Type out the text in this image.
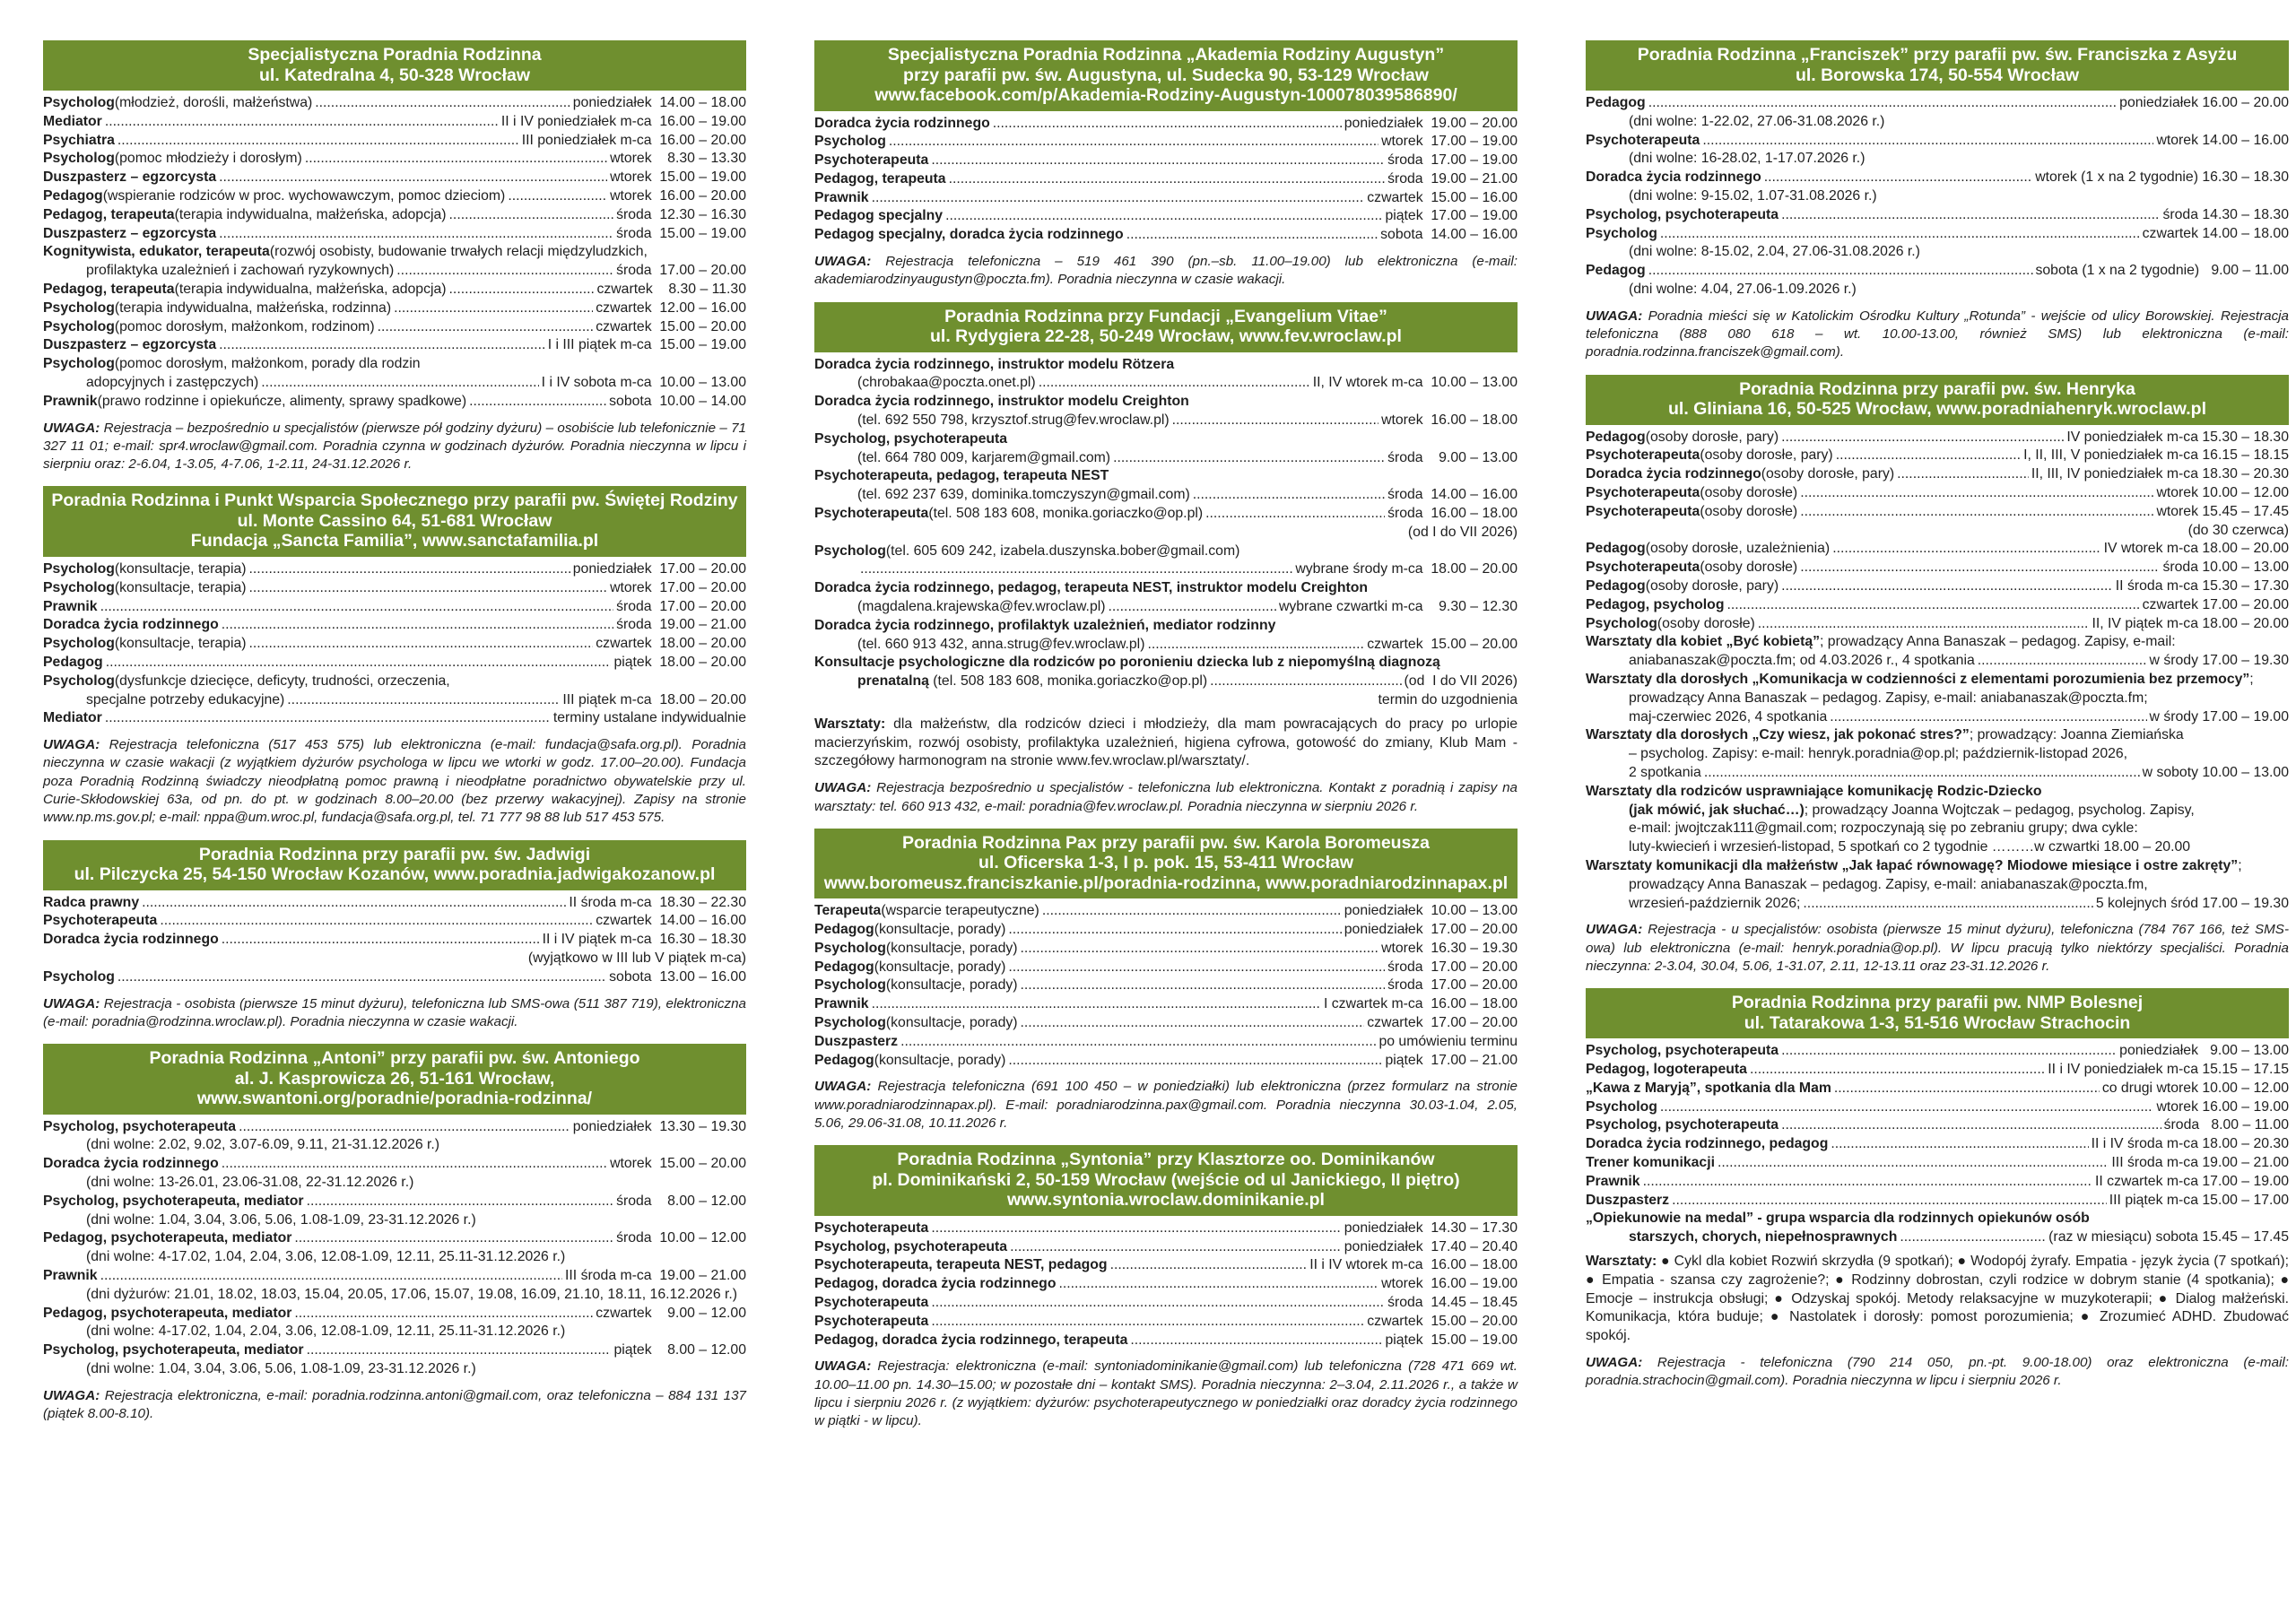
Specjalistyczna Poradnia Rodzinna
ul. Katedralna 4, 50-328 Wrocław
Psycholog (młodzież, dorośli, małżeństwa) .....	poniedziałek  14.00 – 18.00
Mediator .....	II i IV poniedziałek m-ca  16.00 – 19.00
Psychiatra .....	III poniedziałek m-ca  16.00 – 20.00
Psycholog (pomoc młodzieży i dorosłym) .....	wtorek    8.30 – 13.30
Duszpasterz – egzorcysta .....	wtorek  15.00 – 19.00
Pedagog (wspieranie rodziców w proc. wychowawczym, pomoc dzieciom) .....	wtorek  16.00 – 20.00
Pedagog, terapeuta (terapia indywidualna, małżeńska, adopcja) .....	środa  12.30 – 16.30
Duszpasterz – egzorcysta .....	środa  15.00 – 19.00
Kognitywista, edukator, terapeuta (rozwój osobisty, budowanie trwałych relacji międzyludzkich,
profilaktyka uzależnień i zachowań ryzykownych) .....	środa  17.00 – 20.00
Pedagog, terapeuta (terapia indywidualna, małżeńska, adopcja) .....	czwartek    8.30 – 11.30
Psycholog (terapia indywidualna, małżeńska, rodzinna) .....	czwartek  12.00 – 16.00
Psycholog (pomoc dorosłym, małżonkom, rodzinom) .....	czwartek  15.00 – 20.00
Duszpasterz – egzorcysta .....	I i III piątek m-ca  15.00 – 19.00
Psycholog (pomoc dorosłym, małżonkom, porady dla rodzin
adopcyjnych i zastępczych) .....	I i IV sobota m-ca  10.00 – 13.00
Prawnik (prawo rodzinne i opiekuńcze, alimenty, sprawy spadkowe) .....	sobota  10.00 – 14.00
UWAGA: Rejestracja – bezpośrednio u specjalistów (pierwsze pół godziny dyżuru) – osobiście lub telefonicznie – 71 327 11 01; e-mail: spr4.wroclaw@gmail.com. Poradnia czynna w godzinach dyżurów. Poradnia nieczynna w lipcu i sierpniu oraz: 2-6.04, 1-3.05, 4-7.06, 1-2.11, 24-31.12.2026 r.
Poradnia Rodzinna i Punkt Wsparcia Społecznego przy parafii pw. Świętej Rodziny
ul. Monte Cassino 64, 51-681 Wrocław
Fundacja „Sancta Familia”, www.sanctafamilia.pl
Psycholog (konsultacje, terapia) .....	poniedziałek  17.00 – 20.00
Psycholog (konsultacje, terapia) .....	wtorek  17.00 – 20.00
Prawnik .....	środa  17.00 – 20.00
Doradca życia rodzinnego .....	środa  19.00 – 21.00
Psycholog (konsultacje, terapia) .....	czwartek  18.00 – 20.00
Pedagog .....	piątek  18.00 – 20.00
Psycholog (dysfunkcje dziecięce, deficyty, trudności, orzeczenia,
specjalne potrzeby edukacyjne) .....	III piątek m-ca  18.00 – 20.00
Mediator .....	terminy ustalane indywidualnie
UWAGA: Rejestracja telefoniczna (517 453 575) lub elektroniczna (e-mail: fundacja@safa.org.pl). Poradnia nieczynna w czasie wakacji (z wyjątkiem dyżurów psychologa w lipcu we wtorki w godz. 17.00–20.00). Fundacja poza Poradnią Rodzinną świadczy nieodpłatną pomoc prawną i nieodpłatne poradnictwo obywatelskie przy ul. Curie-Skłodowskiej 63a, od pn. do pt. w godzinach 8.00–20.00 (bez przerwy wakacyjnej). Zapisy na stronie www.np.ms.gov.pl; e-mail: nppa@um.wroc.pl, fundacja@safa.org.pl, tel. 71 777 98 88 lub 517 453 575.
Poradnia Rodzinna przy parafii pw. św. Jadwigi
ul. Pilczycka 25, 54-150 Wrocław Kozanów, www.poradnia.jadwigakozanow.pl
Radca prawny .....	II środa m-ca  18.30 – 22.30
Psychoterapeuta .....	czwartek  14.00 – 16.00
Doradca życia rodzinnego .....	II i IV piątek m-ca  16.30 – 18.30
(wyjątkowo w III lub V piątek m-ca)
Psycholog .....	sobota  13.00 – 16.00
UWAGA: Rejestracja - osobista (pierwsze 15 minut dyżuru), telefoniczna lub SMS-owa (511 387 719), elektroniczna (e-mail: poradnia@rodzinna.wroclaw.pl). Poradnia nieczynna w czasie wakacji.
Poradnia Rodzinna „Antoni” przy parafii pw. św. Antoniego
al. J. Kasprowicza 26, 51-161 Wrocław,
www.swantoni.org/poradnie/poradnia-rodzinna/
Psycholog, psychoterapeuta .....	poniedziałek  13.30 – 19.30
(dni wolne: 2.02, 9.02, 3.07-6.09, 9.11, 21-31.12.2026 r.)
Doradca życia rodzinnego .....	wtorek  15.00 – 20.00
(dni wolne: 13-26.01, 23.06-31.08, 22-31.12.2026 r.)
Psycholog, psychoterapeuta, mediator .....	środa    8.00 – 12.00
(dni wolne: 1.04, 3.04, 3.06, 5.06, 1.08-1.09, 23-31.12.2026 r.)
Pedagog, psychoterapeuta, mediator .....	środa  10.00 – 12.00
(dni wolne: 4-17.02, 1.04, 2.04, 3.06, 12.08-1.09, 12.11, 25.11-31.12.2026 r.)
Prawnik .....	III środa m-ca  19.00 – 21.00
(dni dyżurów: 21.01, 18.02, 18.03, 15.04, 20.05, 17.06, 15.07, 19.08, 16.09, 21.10, 18.11, 16.12.2026 r.)
Pedagog, psychoterapeuta, mediator .....	czwartek    9.00 – 12.00
(dni wolne: 4-17.02, 1.04, 2.04, 3.06, 12.08-1.09, 12.11, 25.11-31.12.2026 r.)
Psycholog, psychoterapeuta, mediator .....	piątek    8.00 – 12.00
(dni wolne: 1.04, 3.04, 3.06, 5.06, 1.08-1.09, 23-31.12.2026 r.)
UWAGA: Rejestracja elektroniczna, e-mail: poradnia.rodzinna.antoni@gmail.com, oraz telefoniczna – 884 131 137 (piątek 8.00-8.10).
Specjalistyczna Poradnia Rodzinna „Akademia Rodziny Augustyn”
przy parafii pw. św. Augustyna, ul. Sudecka 90, 53-129 Wrocław
www.facebook.com/p/Akademia-Rodziny-Augustyn-100078039586890/
Doradca życia rodzinnego .....	poniedziałek  19.00 – 20.00
Psycholog .....	wtorek  17.00 – 19.00
Psychoterapeuta .....	środa  17.00 – 19.00
Pedagog, terapeuta .....	środa  19.00 – 21.00
Prawnik .....	czwartek  15.00 – 16.00
Pedagog specjalny .....	piątek  17.00 – 19.00
Pedagog specjalny, doradca życia rodzinnego .....	sobota  14.00 – 16.00
UWAGA: Rejestracja telefoniczna – 519 461 390 (pn.–sb. 11.00–19.00) lub elektroniczna (e-mail: akademiarodzinyaugustyn@poczta.fm). Poradnia nieczynna w czasie wakacji.
Poradnia Rodzinna przy Fundacji „Evangelium Vitae”
ul. Rydygiera 22-28, 50-249 Wrocław, www.fev.wroclaw.pl
Doradca życia rodzinnego, instruktor modelu Rötzera
(chrobakaa@poczta.onet.pl) .....	II, IV wtorek m-ca  10.00 – 13.00
Doradca życia rodzinnego, instruktor modelu Creighton
(tel. 692 550 798, krzysztof.strug@fev.wroclaw.pl) .....	wtorek  16.00 – 18.00
Psycholog, psychoterapeuta
(tel. 664 780 009, karjarem@gmail.com) .....	środa    9.00 – 13.00
Psychoterapeuta, pedagog, terapeuta NEST
(tel. 692 237 639, dominika.tomczyszyn@gmail.com) .....	środa  14.00 – 16.00
Psychoterapeuta (tel. 508 183 608, monika.goriaczko@op.pl) .....	środa  16.00 – 18.00
(od I do VII 2026)
Psycholog (tel. 605 609 242, izabela.duszynska.bober@gmail.com)
.....
wybrane środy m-ca  18.00 – 20.00
Doradca życia rodzinnego, pedagog, terapeuta NEST, instruktor modelu Creighton
(magdalena.krajewska@fev.wroclaw.pl) .....	wybrane czwartki m-ca    9.30 – 12.30
Doradca życia rodzinnego, profilaktyk uzależnień, mediator rodzinny
(tel. 660 913 432, anna.strug@fev.wroclaw.pl) .....	czwartek  15.00 – 20.00
Konsultacje psychologiczne dla rodziców po poronieniu dziecka lub z niepomyślną diagnozą
prenatalną (tel. 508 183 608, monika.goriaczko@op.pl) .....	(od  I do VII 2026)
termin do uzgodnienia
Warsztaty: dla małżeństw, dla rodziców dzieci i młodzieży, dla mam powracających do pracy po urlopie macierzyńskim, rozwój osobisty, profilaktyka uzależnień, higiena cyfrowa, gotowość do zmiany, Klub Mam - szczegółowy harmonogram na stronie www.fev.wroclaw.pl/warsztaty/.
UWAGA: Rejestracja bezpośrednio u specjalistów - telefoniczna lub elektroniczna. Kontakt z poradnią i zapisy na warsztaty: tel. 660 913 432, e-mail: poradnia@fev.wroclaw.pl. Poradnia nieczynna w sierpniu 2026 r.
Poradnia Rodzinna Pax przy parafii pw. św. Karola Boromeusza
ul. Oficerska 1-3, I p. pok. 15, 53-411 Wrocław
www.boromeusz.franciszkanie.pl/poradnia-rodzinna, www.poradniarodzinnapax.pl
Terapeuta (wsparcie terapeutyczne) .....	poniedziałek  10.00 – 13.00
Pedagog (konsultacje, porady) .....	poniedziałek  17.00 – 20.00
Psycholog (konsultacje, porady) .....	wtorek  16.30 – 19.30
Pedagog (konsultacje, porady) .....	środa  17.00 – 20.00
Psycholog (konsultacje, porady) .....	środa  17.00 – 20.00
Prawnik .....	I czwartek m-ca  16.00 – 18.00
Psycholog (konsultacje, porady) .....	czwartek  17.00 – 20.00
Duszpasterz .....	po umówieniu terminu
Pedagog (konsultacje, porady) .....	piątek  17.00 – 21.00
UWAGA: Rejestracja telefoniczna (691 100 450 – w poniedziałki) lub elektroniczna (przez formularz na stronie www.poradniarodzinnapax.pl). E-mail: poradniarodzinna.pax@gmail.com. Poradnia nieczynna 30.03-1.04, 2.05, 5.06, 29.06-31.08, 10.11.2026 r.
Poradnia Rodzinna „Syntonia” przy Klasztorze oo. Dominikanów
pl. Dominikański 2, 50-159 Wrocław (wejście od ul Janickiego, II piętro)
www.syntonia.wroclaw.dominikanie.pl
Psychoterapeuta .....	poniedziałek  14.30 – 17.30
Psycholog, psychoterapeuta .....	poniedziałek  17.40 – 20.40
Psychoterapeuta, terapeuta NEST, pedagog .....	II i IV wtorek m-ca  16.00 – 18.00
Pedagog, doradca życia rodzinnego .....	wtorek  16.00 – 19.00
Psychoterapeuta .....	środa  14.45 – 18.45
Psychoterapeuta .....	czwartek  15.00 – 20.00
Pedagog, doradca życia rodzinnego, terapeuta .....	piątek  15.00 – 19.00
UWAGA: Rejestracja: elektroniczna (e-mail: syntoniadominikanie@gmail.com) lub telefoniczna (728 471 669 wt. 10.00–11.00 pn. 14.30–15.00; w pozostałe dni – kontakt SMS). Poradnia nieczynna: 2–3.04, 2.11.2026 r., a także w lipcu i sierpniu 2026 r. (z wyjątkiem: dyżurów: psychoterapeutycznego w poniedziałki oraz doradcy życia rodzinnego w piątki - w lipcu).
Poradnia Rodzinna „Franciszek” przy parafii pw. św. Franciszka z Asyżu
ul. Borowska 174, 50-554 Wrocław
Pedagog .....	poniedziałek 16.00 – 20.00
(dni wolne: 1-22.02, 27.06-31.08.2026 r.)
Psychoterapeuta .....	wtorek 14.00 – 16.00
(dni wolne: 16-28.02, 1-17.07.2026 r.)
Doradca życia rodzinnego .....	wtorek (1 x na 2 tygodnie) 16.30 – 18.30
(dni wolne: 9-15.02, 1.07-31.08.2026 r.)
Psycholog, psychoterapeuta .....	środa 14.30 – 18.30
Psycholog .....	czwartek 14.00 – 18.00
(dni wolne: 8-15.02, 2.04, 27.06-31.08.2026 r.)
Pedagog .....	sobota (1 x na 2 tygodnie)   9.00 – 11.00
(dni wolne: 4.04, 27.06-1.09.2026 r.)
UWAGA: Poradnia mieści się w Katolickim Ośrodku Kultury „Rotunda” - wejście od ulicy Borowskiej. Rejestracja telefoniczna (888 080 618 – wt. 10.00-13.00, również SMS) lub elektroniczna (e-mail: poradnia.rodzinna.franciszek@gmail.com).
Poradnia Rodzinna przy parafii pw. św. Henryka
ul. Gliniana 16, 50-525 Wrocław, www.poradniahenryk.wroclaw.pl
Pedagog (osoby dorosłe, pary) .....	IV poniedziałek m-ca 15.30 – 18.30
Psychoterapeuta (osoby dorosłe, pary) .....	I, II, III, V poniedziałek m-ca 16.15 – 18.15
Doradca życia rodzinnego (osoby dorosłe, pary) .....	II, III, IV poniedziałek m-ca 18.30 – 20.30
Psychoterapeuta (osoby dorosłe) .....	wtorek 10.00 – 12.00
Psychoterapeuta (osoby dorosłe) .....	wtorek 15.45 – 17.45
(do 30 czerwca)
Pedagog (osoby dorosłe, uzależnienia) .....	IV wtorek m-ca 18.00 – 20.00
Psychoterapeuta (osoby dorosłe) .....	środa 10.00 – 13.00
Pedagog (osoby dorosłe, pary) .....	II środa m-ca 15.30 – 17.30
Pedagog, psycholog .....	czwartek 17.00 – 20.00
Psycholog (osoby dorosłe) .....	II, IV piątek m-ca 18.00 – 20.00
Warsztaty dla kobiet „Być kobietą” ; prowadzący Anna Banaszak – pedagog. Zapisy, e-mail:
aniabanaszak@poczta.fm; od 4.03.2026 r., 4 spotkania .....	w środy 17.00 – 19.30
Warsztaty dla dorosłych „Komunikacja w codzienności z elementami porozumienia bez przemocy” ;
prowadzący Anna Banaszak – pedagog. Zapisy, e-mail: aniabanaszak@poczta.fm;
maj-czerwiec 2026, 4 spotkania .....	w środy 17.00 – 19.00
Warsztaty dla dorosłych „Czy wiesz, jak pokonać stres?” ; prowadzący: Joanna Ziemiańska
– psycholog. Zapisy: e-mail: henryk.poradnia@op.pl; październik-listopad 2026,
2 spotkania .....	w soboty 10.00 – 13.00
Warsztaty dla rodziców usprawniające komunikację Rodzic-Dziecko
(jak mówić, jak słuchać…); prowadzący Joanna Wojtczak – pedagog, psycholog. Zapisy,
e-mail: jwojtczak111@gmail.com; rozpoczynają się po zebraniu grupy; dwa cykle:
luty-kwiecień i wrzesień-listopad, 5 spotkań co 2 tygodnie ………w czwartki 18.00 – 20.00
Warsztaty komunikacji dla małżeństw „Jak łapać równowagę? Miodowe miesiące i ostre zakręty” ;
prowadzący Anna Banaszak – pedagog. Zapisy, e-mail: aniabanaszak@poczta.fm,
wrzesień-październik 2026; .....	5 kolejnych śród 17.00 – 19.30
UWAGA: Rejestracja - u specjalistów: osobista (pierwsze 15 minut dyżuru), telefoniczna (784 767 166, też SMS-owa) lub elektroniczna (e-mail: henryk.poradnia@op.pl). W lipcu pracują tylko niektórzy specjaliści. Poradnia nieczynna: 2-3.04, 30.04, 5.06, 1-31.07, 2.11, 12-13.11 oraz 23-31.12.2026 r.
Poradnia Rodzinna przy parafii pw. NMP Bolesnej
ul. Tatarakowa 1-3, 51-516 Wrocław Strachocin
Psycholog, psychoterapeuta .....	poniedziałek   9.00 – 13.00
Pedagog, logoterapeuta .....	II i IV poniedziałek m-ca 15.15 – 17.15
„Kawa z Maryją”, spotkania dla Mam .....	co drugi wtorek 10.00 – 12.00
Psycholog .....	wtorek 16.00 – 19.00
Psycholog, psychoterapeuta .....	środa   8.00 – 11.00
Doradca życia rodzinnego, pedagog .....	II i IV środa m-ca 18.00 – 20.30
Trener komunikacji .....	III środa m-ca 19.00 – 21.00
Prawnik .....	II czwartek m-ca 17.00 – 19.00
Duszpasterz .....	III piątek m-ca 15.00 – 17.00
„Opiekunowie na medal” - grupa wsparcia dla rodzinnych opiekunów osób
starszych, chorych, niepełnosprawnych .....	(raz w miesiącu) sobota 15.45 – 17.45
Warsztaty: ● Cykl dla kobiet Rozwiń skrzydła (9 spotkań); ● Wodopój żyrafy. Empatia - język życia (7 spotkań); ● Empatia - szansa czy zagrożenie?; ● Rodzinny dobrostan, czyli rodzice w dobrym stanie (4 spotkania); ● Emocje – instrukcja obsługi; ● Odzyskaj spokój. Metody relaksacyjne w muzykoterapii; ● Dialog małżeński. Komunikacja, która buduje; ● Nastolatek i dorosły: pomost porozumienia; ● Zrozumieć ADHD. Zbudować spokój.
UWAGA: Rejestracja - telefoniczna (790 214 050, pn.-pt. 9.00-18.00) oraz elektroniczna (e-mail: poradnia.strachocin@gmail.com). Poradnia nieczynna w lipcu i sierpniu 2026 r.
